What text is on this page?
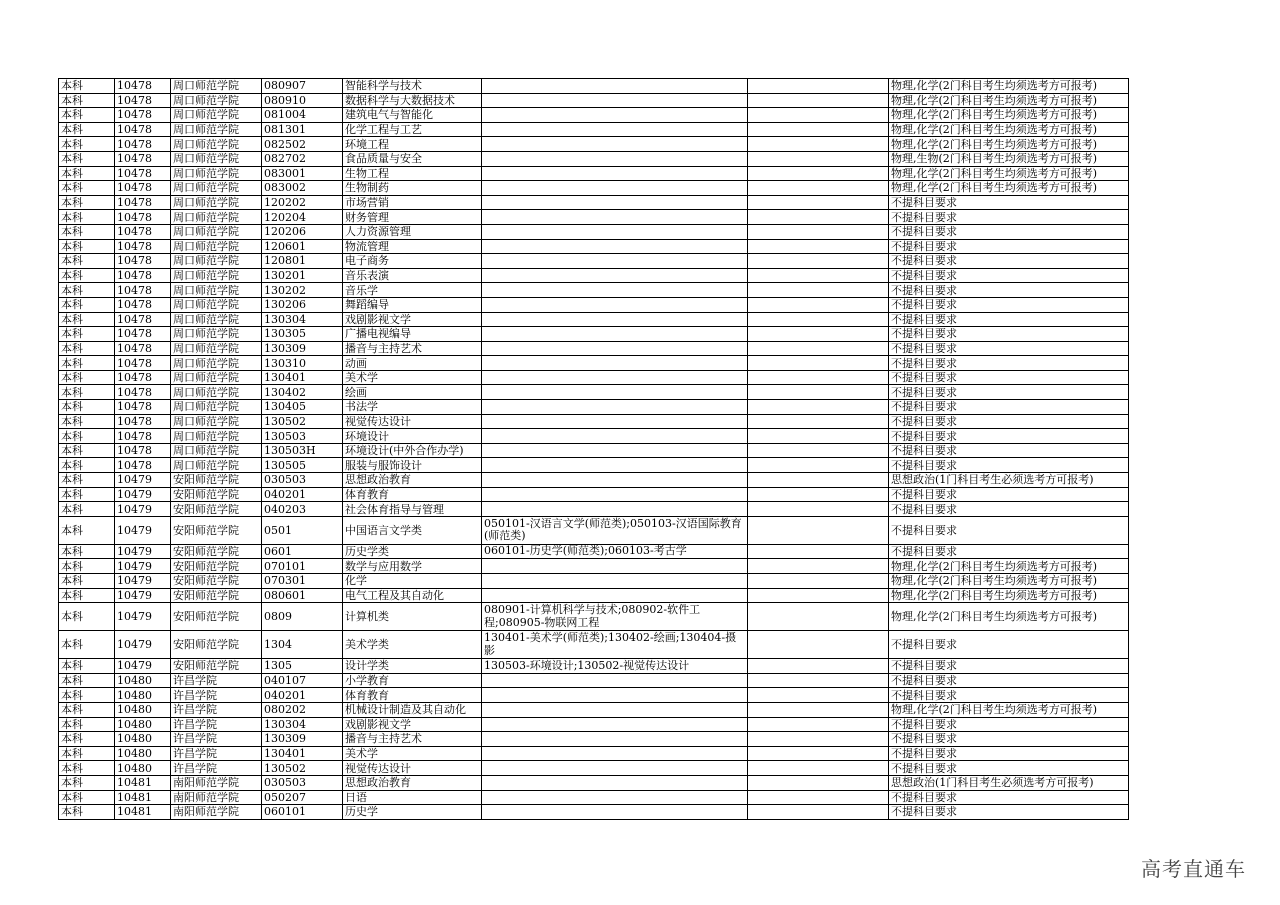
本科	10478	周口师范学院	080907	智能科学与技术			物理,化学(2门科目考生均须选考方可报考)
本科	10478	周口师范学院	080910	数据科学与大数据技术			物理,化学(2门科目考生均须选考方可报考)
本科	10478	周口师范学院	081004	建筑电气与智能化			物理,化学(2门科目考生均须选考方可报考)
本科	10478	周口师范学院	081301	化学工程与工艺			物理,化学(2门科目考生均须选考方可报考)
本科	10478	周口师范学院	082502	环境工程			物理,化学(2门科目考生均须选考方可报考)
本科	10478	周口师范学院	082702	食品质量与安全			物理,生物(2门科目考生均须选考方可报考)
本科	10478	周口师范学院	083001	生物工程			物理,化学(2门科目考生均须选考方可报考)
本科	10478	周口师范学院	083002	生物制药			物理,化学(2门科目考生均须选考方可报考)
本科	10478	周口师范学院	120202	市场营销			不提科目要求
本科	10478	周口师范学院	120204	财务管理			不提科目要求
本科	10478	周口师范学院	120206	人力资源管理			不提科目要求
本科	10478	周口师范学院	120601	物流管理			不提科目要求
本科	10478	周口师范学院	120801	电子商务			不提科目要求
本科	10478	周口师范学院	130201	音乐表演			不提科目要求
本科	10478	周口师范学院	130202	音乐学			不提科目要求
本科	10478	周口师范学院	130206	舞蹈编导			不提科目要求
本科	10478	周口师范学院	130304	戏剧影视文学			不提科目要求
本科	10478	周口师范学院	130305	广播电视编导			不提科目要求
本科	10478	周口师范学院	130309	播音与主持艺术			不提科目要求
本科	10478	周口师范学院	130310	动画			不提科目要求
本科	10478	周口师范学院	130401	美术学			不提科目要求
本科	10478	周口师范学院	130402	绘画			不提科目要求
本科	10478	周口师范学院	130405	书法学			不提科目要求
本科	10478	周口师范学院	130502	视觉传达设计			不提科目要求
本科	10478	周口师范学院	130503	环境设计			不提科目要求
本科	10478	周口师范学院	130503H	环境设计(中外合作办学)			不提科目要求
本科	10478	周口师范学院	130505	服装与服饰设计			不提科目要求
本科	10479	安阳师范学院	030503	思想政治教育			思想政治(1门科目考生必须选考方可报考)
本科	10479	安阳师范学院	040201	体育教育			不提科目要求
本科	10479	安阳师范学院	040203	社会体育指导与管理			不提科目要求
本科	10479	安阳师范学院	0501	中国语言文学类	050101-汉语言文学(师范类);050103-汉语国际教育(师范类)		不提科目要求
本科	10479	安阳师范学院	0601	历史学类	060101-历史学(师范类);060103-考古学		不提科目要求
本科	10479	安阳师范学院	070101	数学与应用数学			物理,化学(2门科目考生均须选考方可报考)
本科	10479	安阳师范学院	070301	化学			物理,化学(2门科目考生均须选考方可报考)
本科	10479	安阳师范学院	080601	电气工程及其自动化			物理,化学(2门科目考生均须选考方可报考)
本科	10479	安阳师范学院	0809	计算机类	080901-计算机科学与技术;080902-软件工程;080905-物联网工程		物理,化学(2门科目考生均须选考方可报考)
本科	10479	安阳师范学院	1304	美术学类	130401-美术学(师范类);130402-绘画;130404-摄影		不提科目要求
本科	10479	安阳师范学院	1305	设计学类	130503-环境设计;130502-视觉传达设计		不提科目要求
本科	10480	许昌学院	040107	小学教育			不提科目要求
本科	10480	许昌学院	040201	体育教育			不提科目要求
本科	10480	许昌学院	080202	机械设计制造及其自动化			物理,化学(2门科目考生均须选考方可报考)
本科	10480	许昌学院	130304	戏剧影视文学			不提科目要求
本科	10480	许昌学院	130309	播音与主持艺术			不提科目要求
本科	10480	许昌学院	130401	美术学			不提科目要求
本科	10480	许昌学院	130502	视觉传达设计			不提科目要求
本科	10481	南阳师范学院	030503	思想政治教育			思想政治(1门科目考生必须选考方可报考)
本科	10481	南阳师范学院	050207	日语			不提科目要求
本科	10481	南阳师范学院	060101	历史学			不提科目要求
高考直通车
